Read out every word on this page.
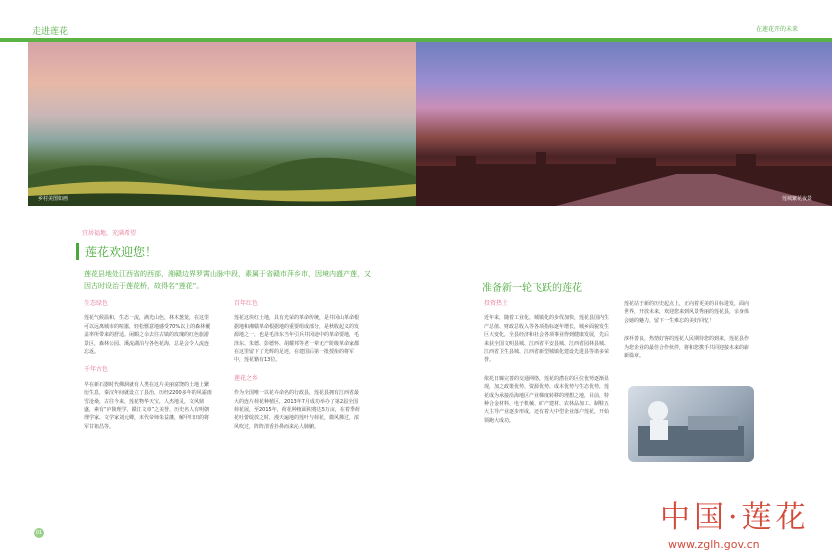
走进莲花	在莲花开的未来
乡村美图如画	莲城繁花夜景
宜居福地，充满希望
莲花欢迎您！
莲花县地处江西省的西部，湘赣边界罗霄山脉中段，素属于省赣市萍乡市，因境内盛产莲，又因古时设治于莲花桥，故得名“莲花”。
生态绿色

莲花气候温和，生态一流，满光山色，林木葱茏，在这里可以远离城市的喧嚣，轻松惬意地感受70%以上的森林覆盖率所带来的舒适。闲暇之余去往古镇的玫瑰的红色旅游景区，森林公园、溪流湖泊与各色花海，总是会令人流连忘返。

千年古色

早在新石器时代佛洞就有人类在这片美丽富饶的土地上繁衍生息，秦汉年间就设立了县治，历经2200多年的风霜雨雪沧桑，古往今来，莲花物华天宝，人杰地灵，文风鼎盛，素有“庐陵理学、赣江文章”之美誉，历史名人有明朝理学家、文学家刘元卿，末代帝师朱益藩，解甲归田的将军甘祖昌等。

百年红色

莲花这块红土地，具有光荣的革命传统，是井冈山革命根据地和湘赣革命根据地的重要组成部分，是秋收起义的发源地之一，也是毛泽东当年引兵井冈途中的革命要地，毛泽东、朱德、彭德怀、胡耀邦等老一辈无产阶级革命家都在这里留下了光辉的足迹，在建国后第一批授衔的将军中，莲花籍有13位。

莲花之乡

作为全国唯一以花卉命名的行政县，莲花县拥有江西省最大的连片荷花种植区，2013年7月成功举办了第2届全国荷花展，至2015年，荷花种植面积将达5万亩，在着季荷花吐蕾绽放之时，漫天遍地的莲叶与荷花，微风拂过，浓风吹过，阵阵清香扑鼻而来沁人肺腑。

准备新一轮飞跃的莲花
投资热土

近年来，随着工业化、城镇化的步伐加快，莲花县国内生产总值、财政总收入等各项指标逐年增长，城乡面貌发生巨大变化，全县经济和社会各项事业得到健康发展，先后来获全国文明县城、江西省平安县城、江西省园林县城、江西省卫生县城、江西省新型城镇化建设先进县等诸多荣誉。

依托日臻完善的交通网络，莲花的潜在的区位优势逐渐显现，加之政策优势、资源优势、成本优势与生态优势，莲花成为承接沿海地区产业梯度转移的理想之地，目前，特种合金材料、电子机械、矿产建材、农林品加工、制鞋五大主导产业逐步形成，还有着大中型企业落户莲花，开始领跑大成功。

莲花站于新的历史起点上，正向着更美的目标进发，面向世界，开放未来，欢迎您来到风景秀丽的莲花县，亲身体会她的魅力，留下一生难忘的美好回忆！

淳朴善良，热情好客的莲花人民期待您的到来，莲花县作为您企业的最佳合作伙伴，将和您携手共同迎接未来的崭新篇章。

01	中国·莲花
www.zglh.gov.cn
